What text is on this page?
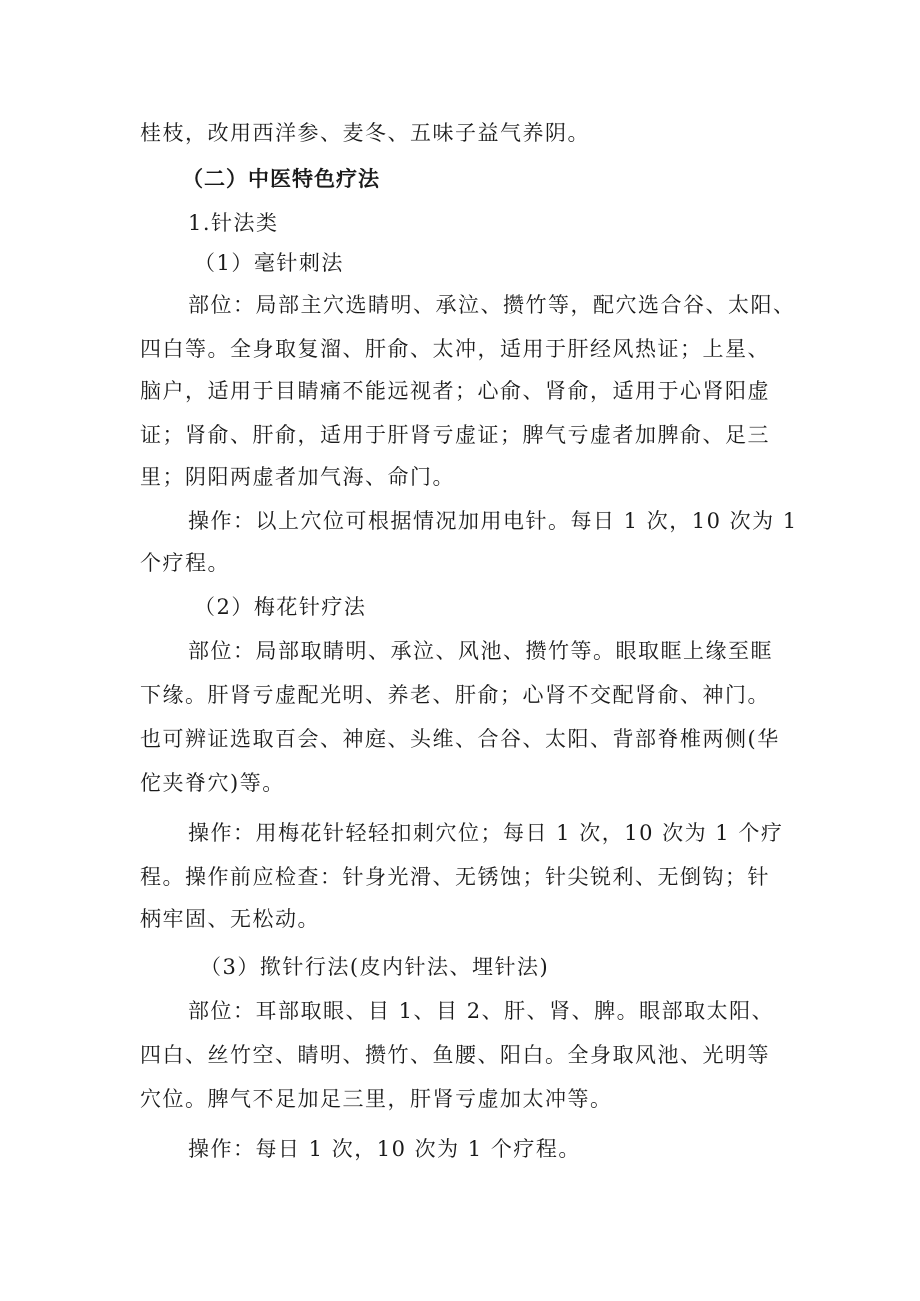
桂枝，改用西洋参、麦冬、五味子益气养阴。
（二）中医特色疗法
1.针法类
（1）毫针刺法
部位：局部主穴选睛明、承泣、攒竹等，配穴选合谷、太阳、
四白等。全身取复溜、肝俞、太冲，适用于肝经风热证；上星、
脑户，适用于目睛痛不能远视者；心俞、肾俞，适用于心肾阳虚
证；肾俞、肝俞，适用于肝肾亏虚证；脾气亏虚者加脾俞、足三
里；阴阳两虚者加气海、命门。
操作：以上穴位可根据情况加用电针。每日 1 次，10 次为 1
个疗程。
（2）梅花针疗法
部位：局部取睛明、承泣、风池、攒竹等。眼取眶上缘至眶
下缘。肝肾亏虚配光明、养老、肝俞；心肾不交配肾俞、神门。
也可辨证选取百会、神庭、头维、合谷、太阳、背部脊椎两侧(华
佗夹脊穴)等。
操作：用梅花针轻轻扣刺穴位；每日 1 次，10 次为 1 个疗
程。操作前应检查：针身光滑、无锈蚀；针尖锐利、无倒钩；针
柄牢固、无松动。
（3）揿针行法(皮内针法、埋针法)
部位：耳部取眼、目 1、目 2、肝、肾、脾。眼部取太阳、
四白、丝竹空、睛明、攒竹、鱼腰、阳白。全身取风池、光明等
穴位。脾气不足加足三里，肝肾亏虚加太冲等。
操作：每日 1 次，10 次为 1 个疗程。
